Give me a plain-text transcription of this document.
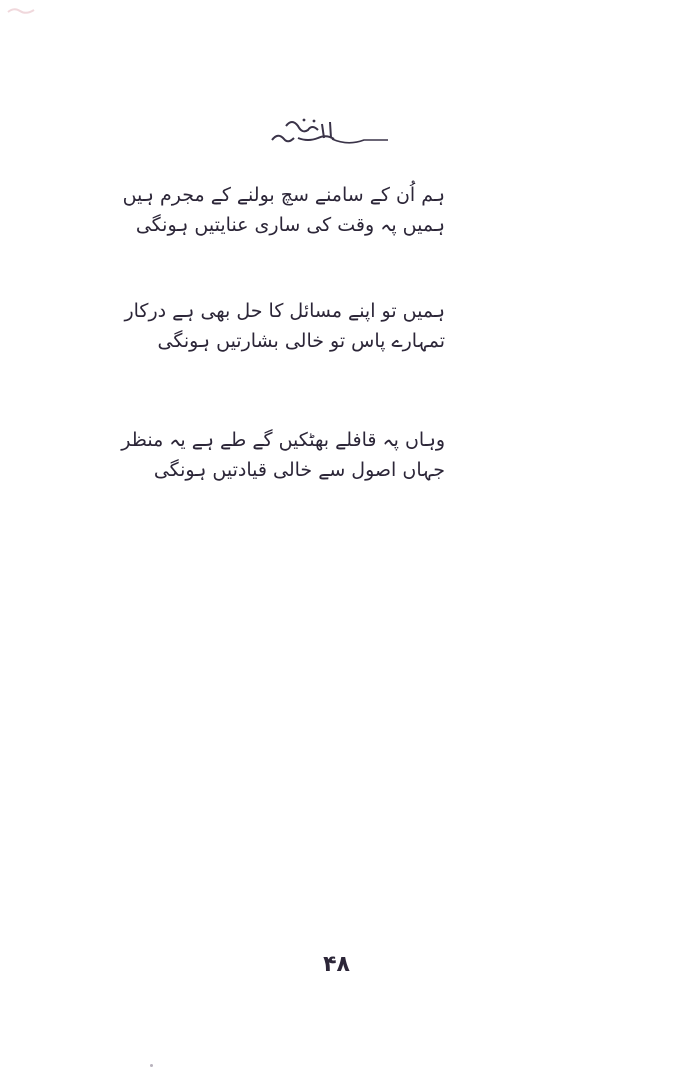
ہم اُن کے سامنے سچ بولنے کے مجرم ہیں
ہمیں پہ وقت کی ساری عنایتیں ہونگی
ہمیں تو اپنے مسائل کا حل بھی ہے درکار
تمہارے پاس تو خالی بشارتیں ہونگی
وہاں پہ قافلے بھٹکیں گے طے ہے یہ منظر
جہاں اصول سے خالی قیادتیں ہونگی
۴۸
